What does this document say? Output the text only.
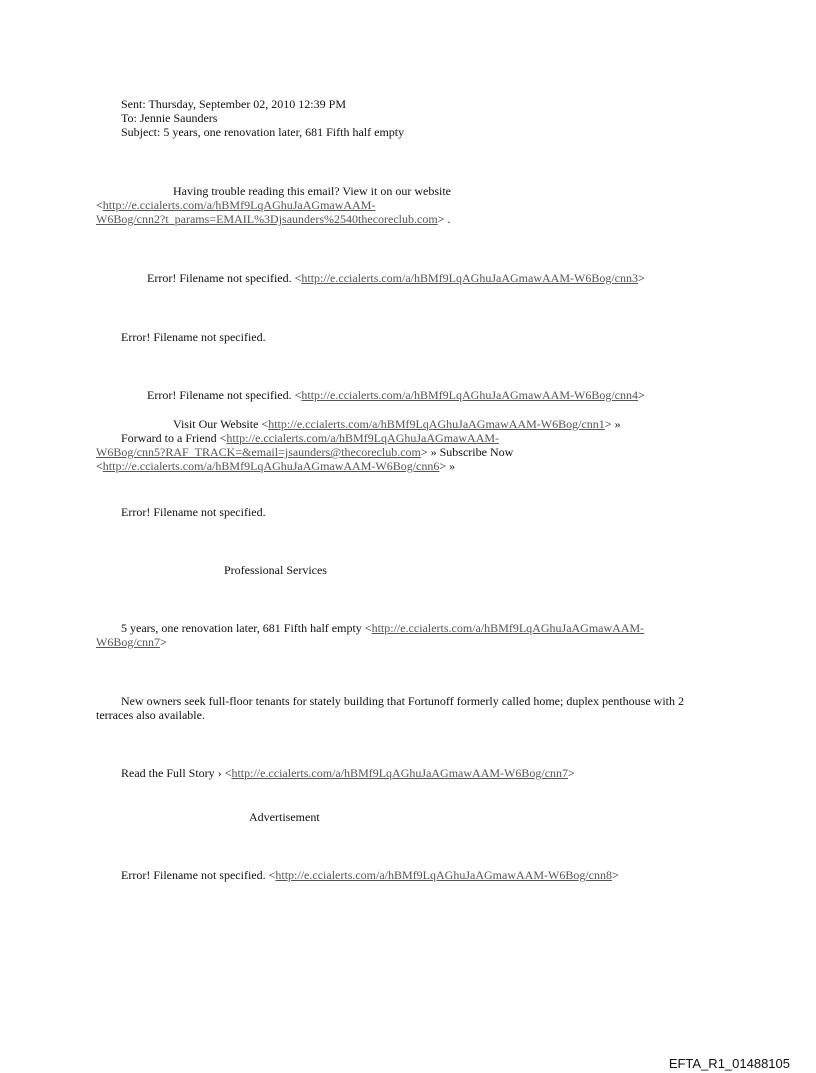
Sent: Thursday, September 02, 2010 12:39 PM
To: Jennie Saunders
Subject: 5 years, one renovation later, 681 Fifth half empty
Having trouble reading this email? View it on our website
<http://e.ccialerts.com/a/hBMf9LqAGhuJaAGmawAAM-
W6Bog/cnn2?t_params=EMAIL%3Djsaunders%2540thecoreclub.com> .
Error! Filename not specified. <http://e.ccialerts.com/a/hBMf9LqAGhuJaAGmawAAM-W6Bog/cnn3>
Error! Filename not specified.
Error! Filename not specified. <http://e.ccialerts.com/a/hBMf9LqAGhuJaAGmawAAM-W6Bog/cnn4>
Visit Our Website <http://e.ccialerts.com/a/hBMf9LqAGhuJaAGmawAAM-W6Bog/cnn1> »
Forward to a Friend <http://e.ccialerts.com/a/hBMf9LqAGhuJaAGmawAAM-
W6Bog/cnn5?RAF_TRACK=&email=jsaunders@thecoreclub.com> » Subscribe Now
<http://e.ccialerts.com/a/hBMf9LqAGhuJaAGmawAAM-W6Bog/cnn6> »
Error! Filename not specified.
Professional Services
5 years, one renovation later, 681 Fifth half empty <http://e.ccialerts.com/a/hBMf9LqAGhuJaAGmawAAM-
W6Bog/cnn7>
New owners seek full-floor tenants for stately building that Fortunoff formerly called home; duplex penthouse with 2
terraces also available.
Read the Full Story › <http://e.ccialerts.com/a/hBMf9LqAGhuJaAGmawAAM-W6Bog/cnn7>
Advertisement
Error! Filename not specified. <http://e.ccialerts.com/a/hBMf9LqAGhuJaAGmawAAM-W6Bog/cnn8>
EFTA_R1_01488105
